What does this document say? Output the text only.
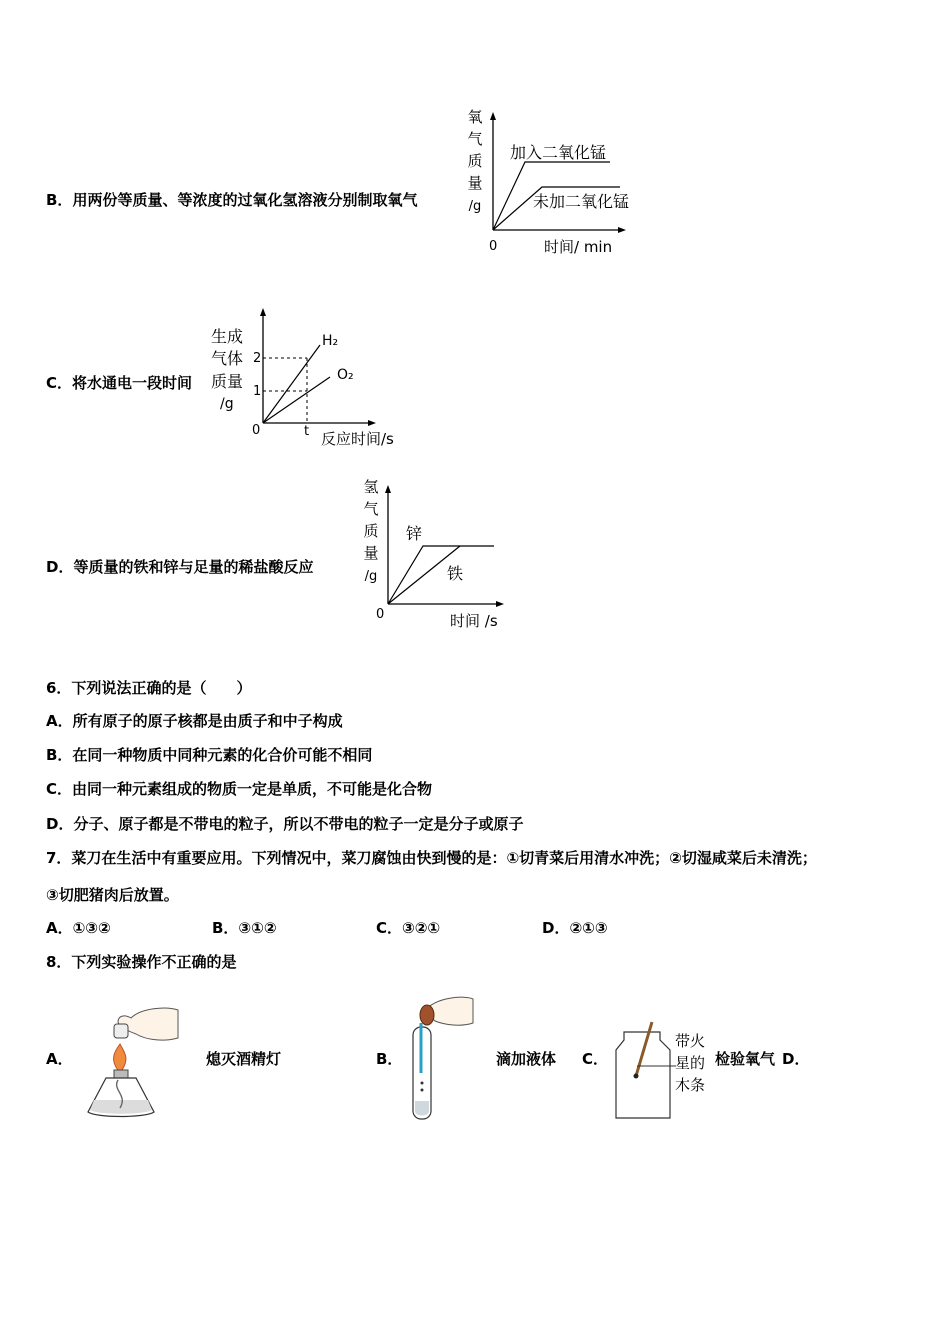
B．用两份等质量、等浓度的过氧化氢溶液分别制取氧气
氧
气
质
量
/g
加入二氧化锰
未加二氧化锰
0	时间/ min
C．将水通电一段时间
生成
气体
质量
/g
2
1
H₂
O₂
0	t 反应时间/s
D．等质量的铁和锌与足量的稀盐酸反应
氢
气
质
量
/g
锌
铁
0	时间 /s
6．下列说法正确的是（　　）
A．所有原子的原子核都是由质子和中子构成
B．在同一种物质中同种元素的化合价可能不相同
C．由同一种元素组成的物质一定是单质，不可能是化合物
D．分子、原子都是不带电的粒子，所以不带电的粒子一定是分子或原子
7．菜刀在生活中有重要应用。下列情况中，菜刀腐蚀由快到慢的是：①切青菜后用清水冲洗；②切湿咸菜后未清洗；
③切肥猪肉后放置。
A．①③②	B．③①②	C．③②①	D．②①③
8．下列实验操作不正确的是
A．	熄灭酒精灯	B．	滴加液体 C．
带火
星的
木条
检验氧气 D．
